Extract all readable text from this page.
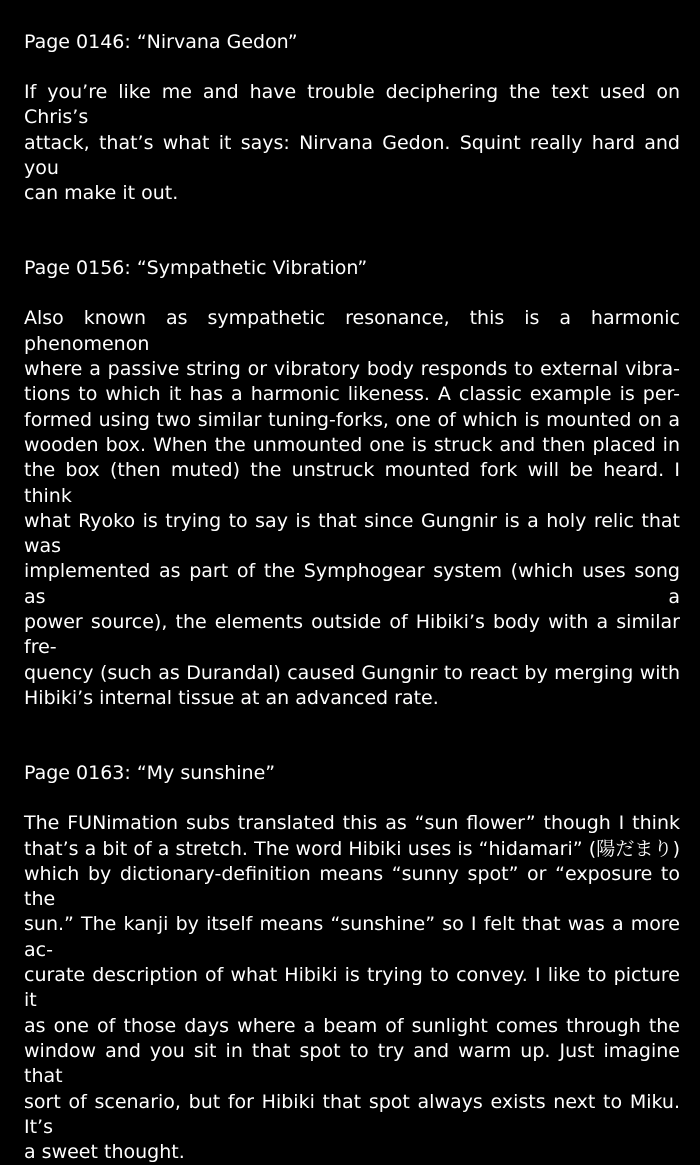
Page 0146: “Nirvana Gedon”
If you’re like me and have trouble deciphering the text used on Chris’s
attack, that’s what it says: Nirvana Gedon. Squint really hard and you
can make it out.
Page 0156: “Sympathetic Vibration”
Also known as sympathetic resonance, this is a harmonic phenomenon
where a passive string or vibratory body responds to external vibra-
tions to which it has a harmonic likeness. A classic example is per-
formed using two similar tuning-forks, one of which is mounted on a
wooden box. When the unmounted one is struck and then placed in
the box (then muted) the unstruck mounted fork will be heard. I think
what Ryoko is trying to say is that since Gungnir is a holy relic that was
implemented as part of the Symphogear system (which uses song as a
power source), the elements outside of Hibiki’s body with a similar fre-
quency (such as Durandal) caused Gungnir to react by merging with
Hibiki’s internal tissue at an advanced rate.
Page 0163: “My sunshine”
The FUNimation subs translated this as “sun flower” though I think
that’s a bit of a stretch. The word Hibiki uses is “hidamari” (陽だまり)
which by dictionary-definition means “sunny spot” or “exposure to the
sun.” The kanji by itself means “sunshine” so I felt that was a more ac-
curate description of what Hibiki is trying to convey. I like to picture it
as one of those days where a beam of sunlight comes through the
window and you sit in that spot to try and warm up. Just imagine that
sort of scenario, but for Hibiki that spot always exists next to Miku. It’s
a sweet thought.
